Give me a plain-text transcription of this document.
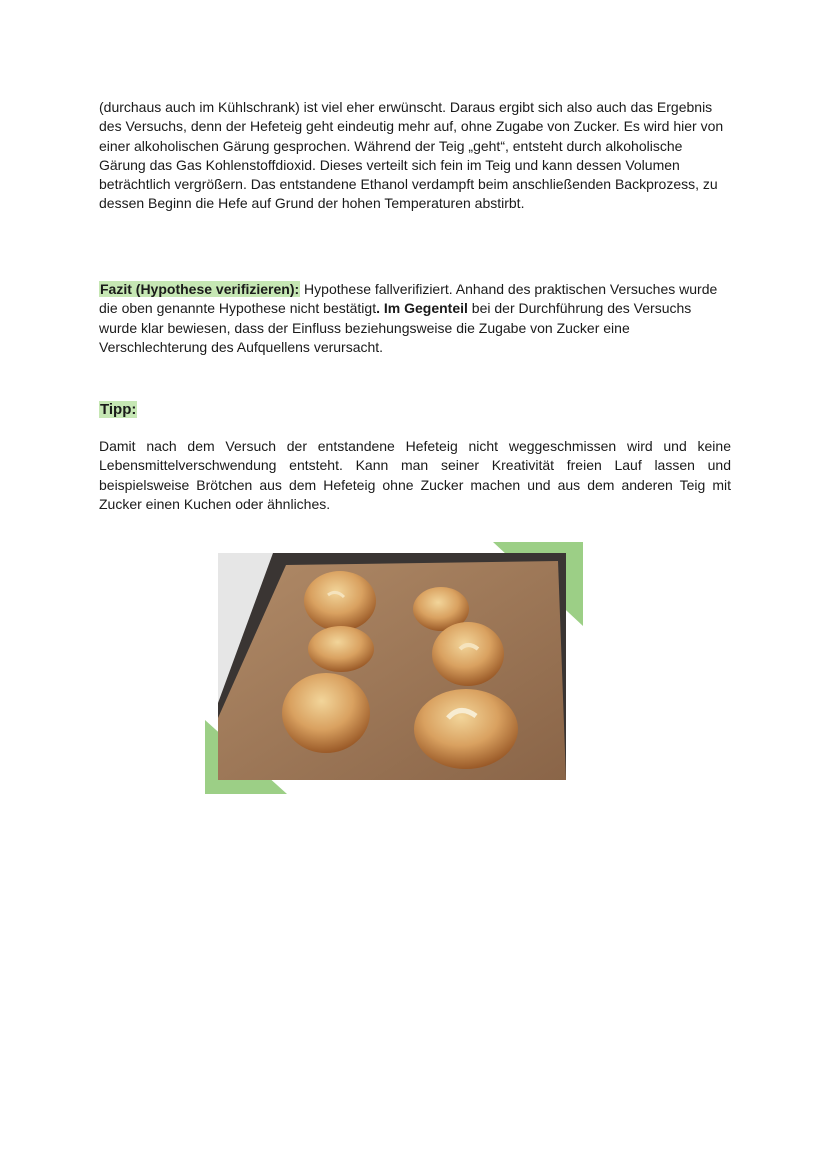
(durchaus auch im Kühlschrank) ist viel eher erwünscht. Daraus ergibt sich also auch das Ergebnis des Versuchs, denn der Hefeteig geht eindeutig mehr auf, ohne Zugabe von Zucker. Es wird hier von einer alkoholischen Gärung gesprochen. Während der Teig „geht“, entsteht durch alkoholische Gärung das Gas Kohlenstoffdioxid. Dieses verteilt sich fein im Teig und kann dessen Volumen beträchtlich vergrößern. Das entstandene Ethanol verdampft beim anschließenden Backprozess, zu dessen Beginn die Hefe auf Grund der hohen Temperaturen abstirbt.

Fazit (Hypothese verifizieren): Hypothese fallverifiziert. Anhand des praktischen Versuches wurde die oben genannte Hypothese nicht bestätigt. Im Gegenteil bei der Durchführung des Versuchs wurde klar bewiesen, dass der Einfluss beziehungsweise die Zugabe von Zucker eine Verschlechterung des Aufquellens verursacht.

Tipp:

Damit nach dem Versuch der entstandene Hefeteig nicht weggeschmissen wird und keine Lebensmittelverschwendung entsteht. Kann man seiner Kreativität freien Lauf lassen und beispielsweise Brötchen aus dem Hefeteig ohne Zucker machen und aus dem anderen Teig mit Zucker einen Kuchen oder ähnliches.
